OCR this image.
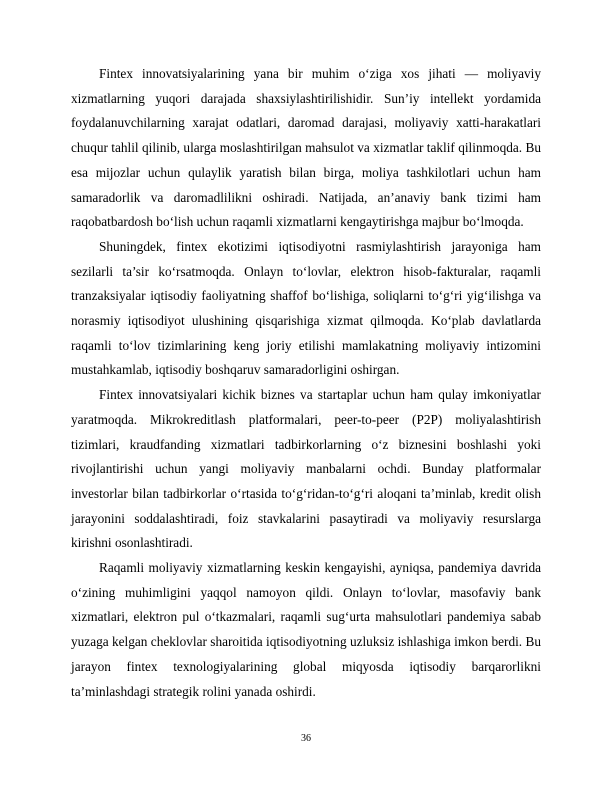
Fintex innovatsiyalarining yana bir muhim o‘ziga xos jihati — moliyaviy xizmatlarning yuqori darajada shaxsiylashtirilishidir. Sun’iy intellekt yordamida foydalanuvchilarning xarajat odatlari, daromad darajasi, moliyaviy xatti-harakatlari chuqur tahlil qilinib, ularga moslashtirilgan mahsulot va xizmatlar taklif qilinmoqda. Bu esa mijozlar uchun qulaylik yaratish bilan birga, moliya tashkilotlari uchun ham samaradorlik va daromadlilikni oshiradi. Natijada, an’anaviy bank tizimi ham raqobatbardosh bo‘lish uchun raqamli xizmatlarni kengaytirishga majbur bo‘lmoqda.

Shuningdek, fintex ekotizimi iqtisodiyotni rasmiylashtirish jarayoniga ham sezilarli ta’sir ko‘rsatmoqda. Onlayn to‘lovlar, elektron hisob-fakturalar, raqamli tranzaksiyalar iqtisodiy faoliyatning shaffof bo‘lishiga, soliqlarni to‘g‘ri yig‘ilishga va norasmiy iqtisodiyot ulushining qisqarishiga xizmat qilmoqda. Ko‘plab davlatlarda raqamli to‘lov tizimlarining keng joriy etilishi mamlakatning moliyaviy intizomini mustahkamlab, iqtisodiy boshqaruv samaradorligini oshirgan.

Fintex innovatsiyalari kichik biznes va startaplar uchun ham qulay imkoniyatlar yaratmoqda. Mikrokreditlash platformalari, peer-to-peer (P2P) moliyalashtirish tizimlari, kraudfanding xizmatlari tadbirkorlarning o‘z biznesini boshlashi yoki rivojlantirishi uchun yangi moliyaviy manbalarni ochdi. Bunday platformalar investorlar bilan tadbirkorlar o‘rtasida to‘g‘ridan-to‘g‘ri aloqani ta’minlab, kredit olish jarayonini soddalashtiradi, foiz stavkalarini pasaytiradi va moliyaviy resurslarga kirishni osonlashtiradi.

Raqamli moliyaviy xizmatlarning keskin kengayishi, ayniqsa, pandemiya davrida o‘zining muhimligini yaqqol namoyon qildi. Onlayn to‘lovlar, masofaviy bank xizmatlari, elektron pul o‘tkazmalari, raqamli sug‘urta mahsulotlari pandemiya sabab yuzaga kelgan cheklovlar sharoitida iqtisodiyotning uzluksiz ishlashiga imkon berdi. Bu jarayon fintex texnologiyalarining global miqyosda iqtisodiy barqarorlikni ta’minlashdagi strategik rolini yanada oshirdi.

36
